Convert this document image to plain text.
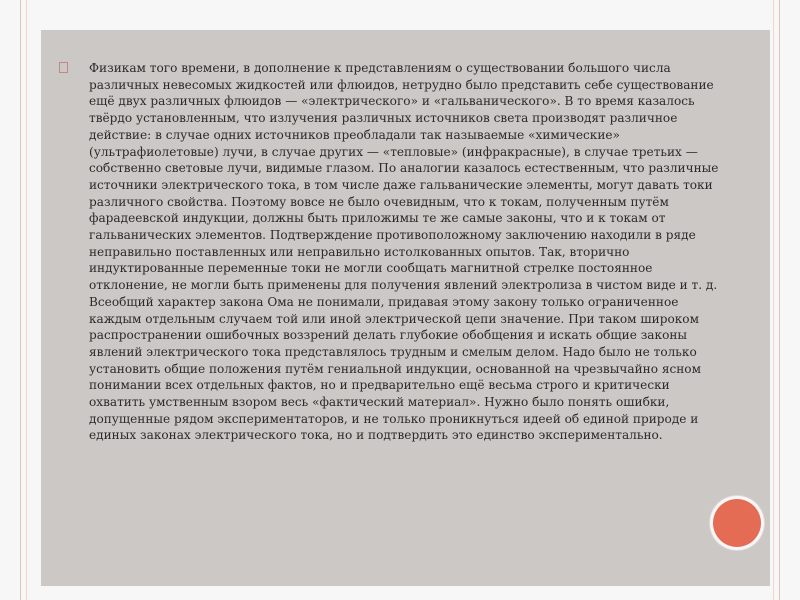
Физикам того времени, в дополнение к представлениям о существовании большого числа различных невесомых жидкостей или флюидов, нетрудно было представить себе существование ещё двух различных флюидов — «электрического» и «гальванического». В то время казалось твёрдо установленным, что излучения различных источников света производят различное действие: в случае одних источников преобладали так называемые «химические» (ультрафиолетовые) лучи, в случае других — «тепловые» (инфракрасные), в случае третьих — собственно световые лучи, видимые глазом. По аналогии казалось естественным, что различные источники электрического тока, в том числе даже гальванические элементы, могут давать токи различного свойства. Поэтому вовсе не было очевидным, что к токам, полученным путём фарадеевской индукции, должны быть приложимы те же самые законы, что и к токам от гальванических элементов. Подтверждение противоположному заключению находили в ряде неправильно поставленных или неправильно истолкованных опытов. Так, вторично индуктированные переменные токи не могли сообщать магнитной стрелке постоянное отклонение, не могли быть применены для получения явлений электролиза в чистом виде и т. д. Всеобщий характер закона Ома не понимали, придавая этому закону только ограниченное каждым отдельным случаем той или иной электрической цепи значение. При таком широком распространении ошибочных воззрений делать глубокие обобщения и искать общие законы явлений электрического тока представлялось трудным и смелым делом. Надо было не только установить общие положения путём гениальной индукции, основанной на чрезвычайно ясном понимании всех отдельных фактов, но и предварительно ещё весьма строго и критически охватить умственным взором весь «фактический материал». Нужно было понять ошибки, допущенные рядом экспериментаторов, и не только проникнуться идеей об единой природе и единых законах электрического тока, но и подтвердить это единство экспериментально.
